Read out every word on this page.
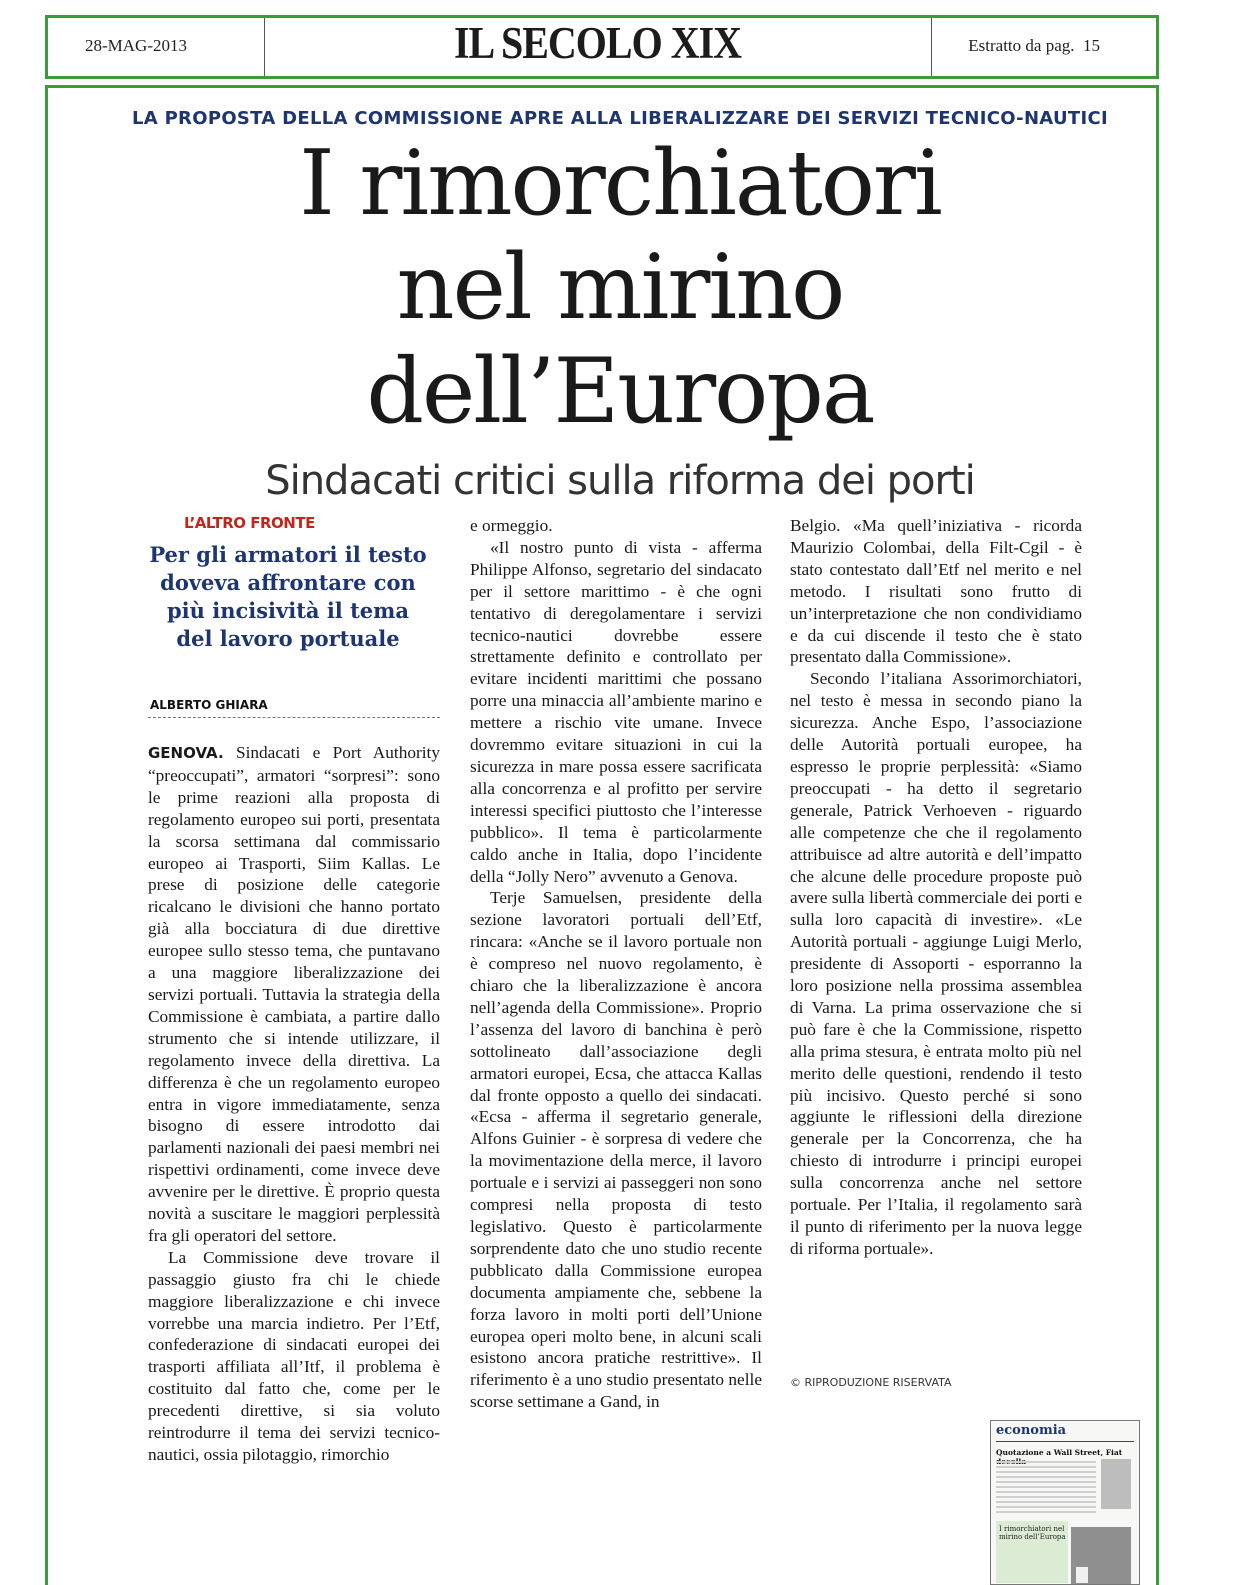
28-MAG-2013	IL SECOLO XIX	Estratto da pag. 15
LA PROPOSTA DELLA COMMISSIONE APRE ALLA LIBERALIZZARE DEI SERVIZI TECNICO-NAUTICI
I rimorchiatori
nel mirino
dell’Europa
Sindacati critici sulla riforma dei porti
L’ALTRO FRONTE
Per gli armatori il testo doveva affrontare con più incisività il tema del lavoro portuale
ALBERTO GHIARA

GENOVA. Sindacati e Port Authority “preoccupati”, armatori “sorpresi”: sono le prime reazioni alla proposta di regolamento europeo sui porti, presentata la scorsa settimana dal commissario europeo ai Trasporti, Siim Kallas. Le prese di posizione delle categorie ricalcano le divisioni che hanno portato già alla bocciatura di due direttive europee sullo stesso tema, che puntavano a una maggiore liberalizzazione dei servizi portuali. Tuttavia la strategia della Commissione è cambiata, a partire dallo strumento che si intende utilizzare, il regolamento invece della direttiva. La differenza è che un regolamento europeo entra in vigore immediatamente, senza bisogno di essere introdotto dai parlamenti nazionali dei paesi membri nei rispettivi ordinamenti, come invece deve avvenire per le direttive. È proprio questa novità a suscitare le maggiori perplessità fra gli operatori del settore.

La Commissione deve trovare il passaggio giusto fra chi le chiede maggiore liberalizzazione e chi invece vorrebbe una marcia indietro. Per l’Etf, confederazione di sindacati europei dei trasporti affiliata all’Itf, il problema è costituito dal fatto che, come per le precedenti direttive, si sia voluto reintrodurre il tema dei servizi tecnico-nautici, ossia pilotaggio, rimorchio

e ormeggio.

«Il nostro punto di vista - afferma Philippe Alfonso, segretario del sindacato per il settore marittimo - è che ogni tentativo di deregolamentare i servizi tecnico-nautici dovrebbe essere strettamente definito e controllato per evitare incidenti marittimi che possano porre una minaccia all’ambiente marino e mettere a rischio vite umane. Invece dovremmo evitare situazioni in cui la sicurezza in mare possa essere sacrificata alla concorrenza e al profitto per servire interessi specifici piuttosto che l’interesse pubblico». Il tema è particolarmente caldo anche in Italia, dopo l’incidente della “Jolly Nero” avvenuto a Genova.

Terje Samuelsen, presidente della sezione lavoratori portuali dell’Etf, rincara: «Anche se il lavoro portuale non è compreso nel nuovo regolamento, è chiaro che la liberalizzazione è ancora nell’agenda della Commissione». Proprio l’assenza del lavoro di banchina è però sottolineato dall’associazione degli armatori europei, Ecsa, che attacca Kallas dal fronte opposto a quello dei sindacati. «Ecsa - afferma il segretario generale, Alfons Guinier - è sorpresa di vedere che la movimentazione della merce, il lavoro portuale e i servizi ai passeggeri non sono compresi nella proposta di testo legislativo. Questo è particolarmente sorprendente dato che uno studio recente pubblicato dalla Commissione europea documenta ampiamente che, sebbene la forza lavoro in molti porti dell’Unione europea operi molto bene, in alcuni scali esistono ancora pratiche restrittive». Il riferimento è a uno studio presentato nelle scorse settimane a Gand, in

Belgio. «Ma quell’iniziativa - ricorda Maurizio Colombai, della Filt-Cgil - è stato contestato dall’Etf nel merito e nel metodo. I risultati sono frutto di un’interpretazione che non condividiamo e da cui discende il testo che è stato presentato dalla Commissione».

Secondo l’italiana Assorimorchiatori, nel testo è messa in secondo piano la sicurezza. Anche Espo, l’associazione delle Autorità portuali europee, ha espresso le proprie perplessità: «Siamo preoccupati - ha detto il segretario generale, Patrick Verhoeven - riguardo alle competenze che che il regolamento attribuisce ad altre autorità e dell’impatto che alcune delle procedure proposte può avere sulla libertà commerciale dei porti e sulla loro capacità di investire». «Le Autorità portuali - aggiunge Luigi Merlo, presidente di Assoporti - esporranno la loro posizione nella prossima assemblea di Varna. La prima osservazione che si può fare è che la Commissione, rispetto alla prima stesura, è entrata molto più nel merito delle questioni, rendendo il testo più incisivo. Questo perché si sono aggiunte le riflessioni della direzione generale per la Concorrenza, che ha chiesto di introdurre i principi europei sulla concorrenza anche nel settore portuale. Per l’Italia, il regolamento sarà il punto di riferimento per la nuova legge di riforma portuale».

© RIPRODUZIONE RISERVATA
economia
Quotazione a Wall Street, Fiat
I rimorchiatori nel mirino dell’Europa
